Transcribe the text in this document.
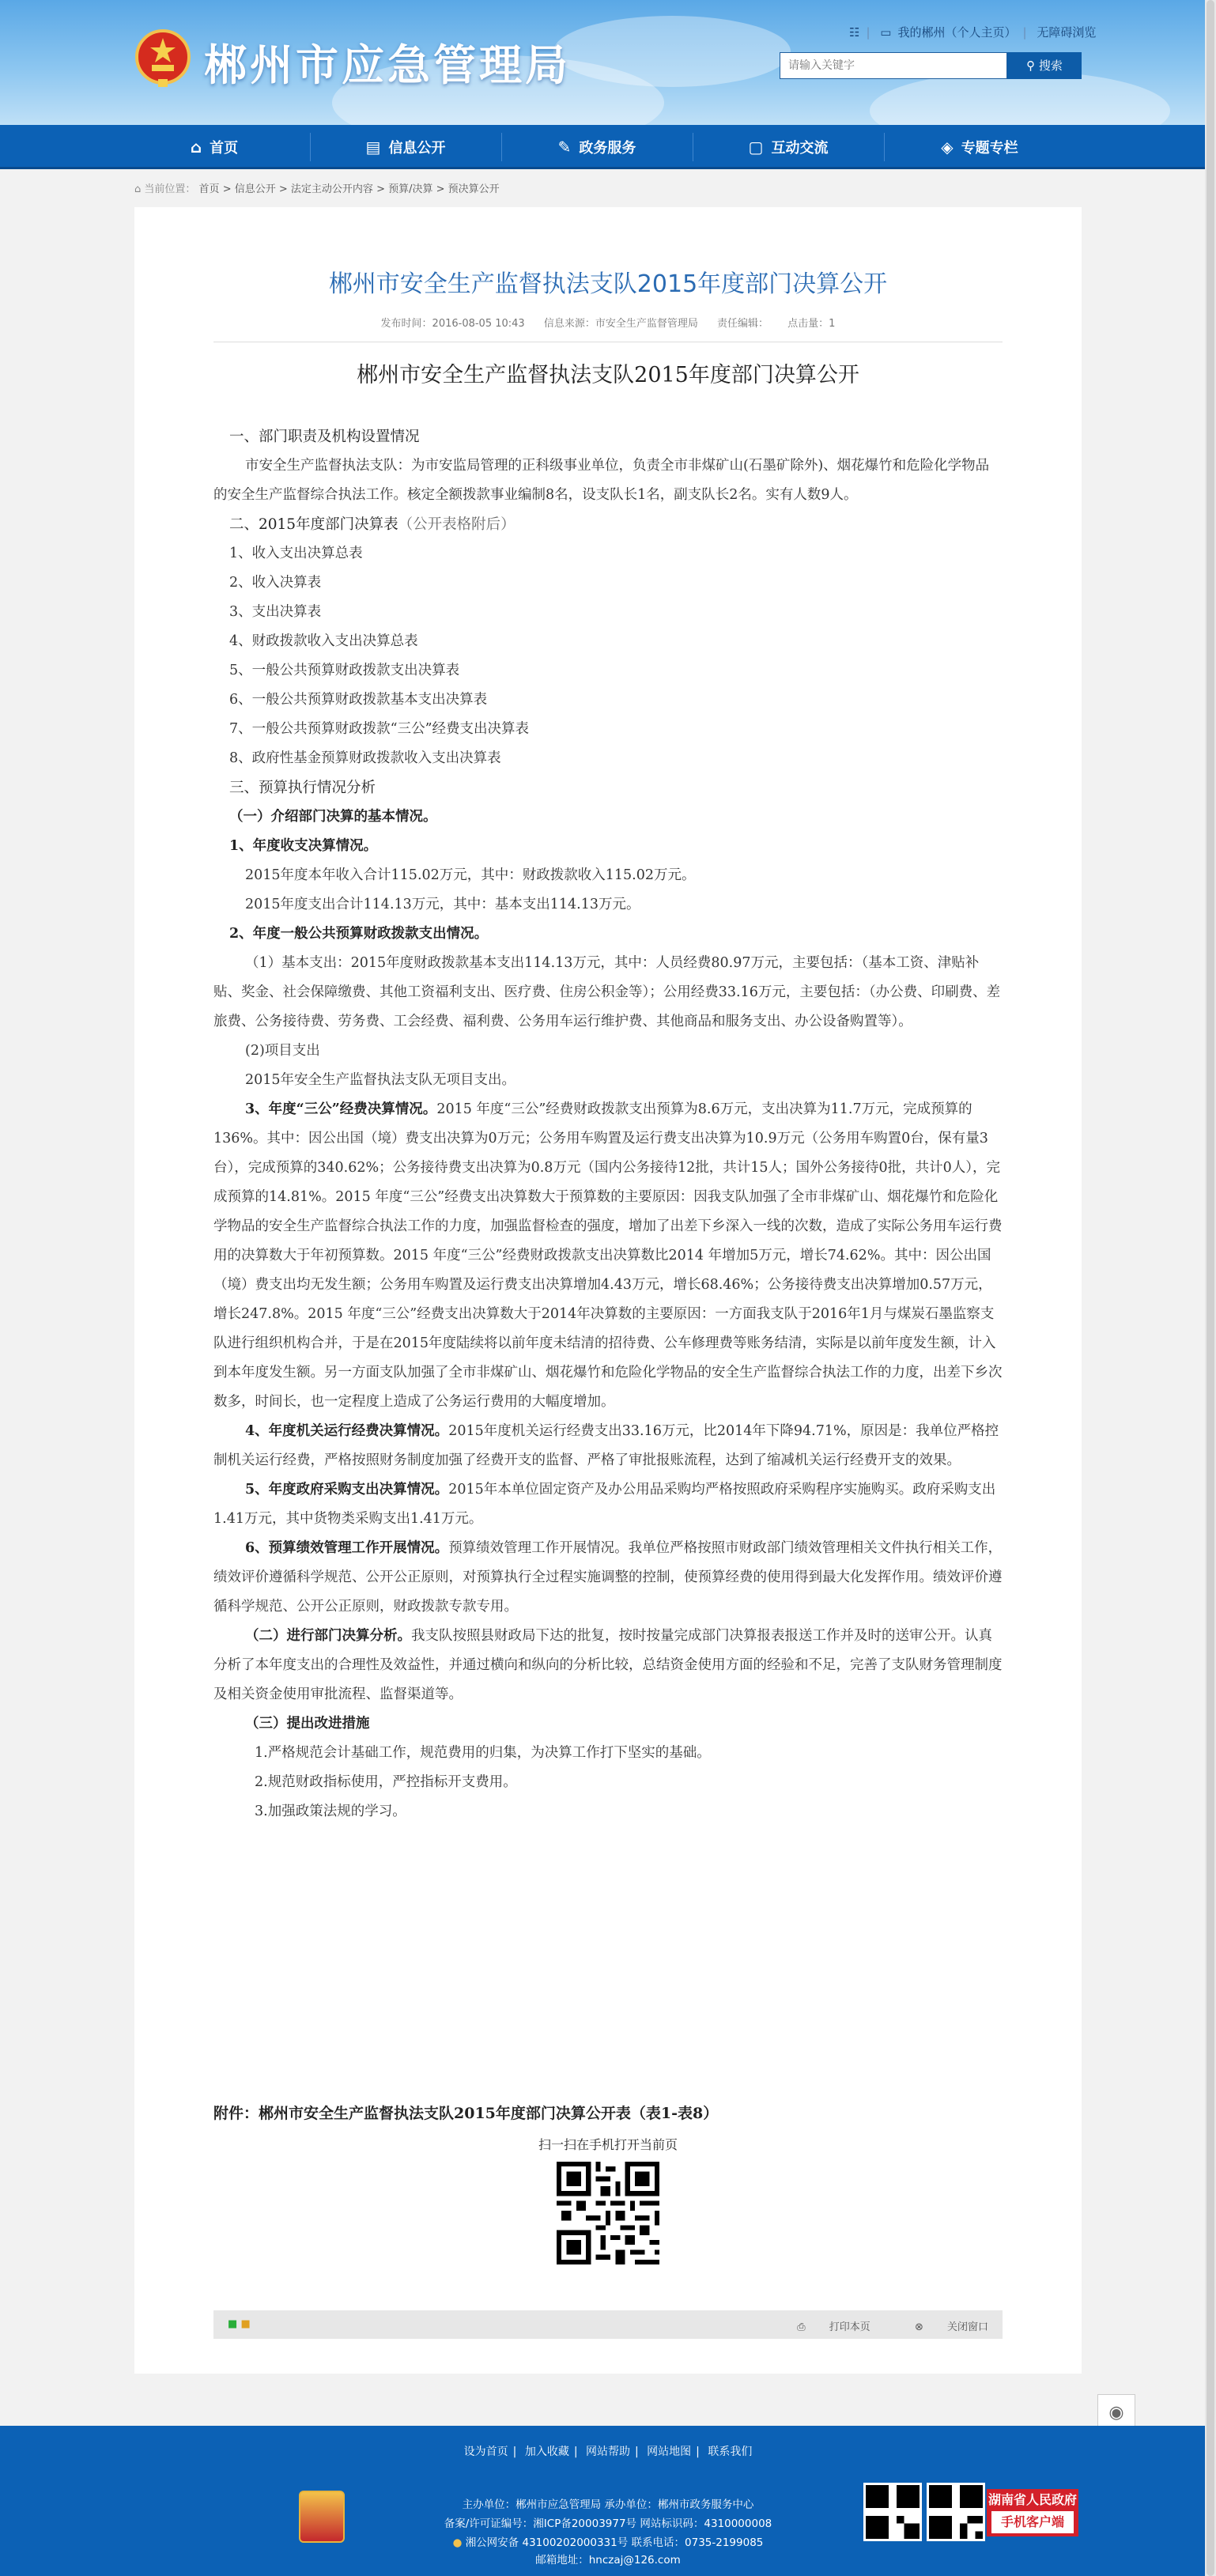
郴州市应急管理局
☷ | ▭ 我的郴州（个人主页） | 无障碍浏览
请输入关键字
⚲ 搜索
⌂ 首页	▤ 信息公开	✎ 政务服务	▢ 互动交流	◈ 专题专栏
⌂ 当前位置： 首页 > 信息公开 > 法定主动公开内容 > 预算/决算 > 预决算公开
郴州市安全生产监督执法支队2015年度部门决算公开
发布时间：2016-08-05 10:43 信息来源：市安全生产监督管理局 责任编辑： 点击量：1
郴州市安全生产监督执法支队2015年度部门决算公开

一、部门职责及机构设置情况

市安全生产监督执法支队：为市安监局管理的正科级事业单位，负责全市非煤矿山(石墨矿除外)、烟花爆竹和危险化学物品的安全生产监督综合执法工作。核定全额拨款事业编制8名，设支队长1名，副支队长2名。实有人数9人。

二、2015年度部门决算表（公开表格附后）

1、收入支出决算总表

2、收入决算表

3、支出决算表

4、财政拨款收入支出决算总表

5、一般公共预算财政拨款支出决算表

6、一般公共预算财政拨款基本支出决算表

7、一般公共预算财政拨款“三公”经费支出决算表

8、政府性基金预算财政拨款收入支出决算表

三、预算执行情况分析

（一）介绍部门决算的基本情况。

1、年度收支决算情况。

2015年度本年收入合计115.02万元，其中：财政拨款收入115.02万元。

2015年度支出合计114.13万元，其中：基本支出114.13万元。

2、年度一般公共预算财政拨款支出情况。

（1）基本支出：2015年度财政拨款基本支出114.13万元，其中：人员经费80.97万元，主要包括：（基本工资、津贴补贴、奖金、社会保障缴费、其他工资福利支出、医疗费、住房公积金等）；公用经费33.16万元，主要包括：（办公费、印刷费、差旅费、公务接待费、劳务费、工会经费、福利费、公务用车运行维护费、其他商品和服务支出、办公设备购置等）。

(2)项目支出

2015年安全生产监督执法支队无项目支出。

3、年度“三公”经费决算情况。2015 年度“三公”经费财政拨款支出预算为8.6万元，支出决算为11.7万元，完成预算的136%。其中：因公出国（境）费支出决算为0万元；公务用车购置及运行费支出决算为10.9万元（公务用车购置0台，保有量3台），完成预算的340.62%；公务接待费支出决算为0.8万元（国内公务接待12批，共计15人；国外公务接待0批，共计0人），完成预算的14.81%。2015 年度“三公”经费支出决算数大于预算数的主要原因：因我支队加强了全市非煤矿山、烟花爆竹和危险化学物品的安全生产监督综合执法工作的力度，加强监督检查的强度，增加了出差下乡深入一线的次数，造成了实际公务用车运行费用的决算数大于年初预算数。2015 年度“三公”经费财政拨款支出决算数比2014 年增加5万元，增长74.62%。其中：因公出国（境）费支出均无发生额；公务用车购置及运行费支出决算增加4.43万元，增长68.46%；公务接待费支出决算增加0.57万元，增长247.8%。2015 年度“三公”经费支出决算数大于2014年决算数的主要原因：一方面我支队于2016年1月与煤炭石墨监察支队进行组织机构合并，于是在2015年度陆续将以前年度未结清的招待费、公车修理费等账务结清，实际是以前年度发生额，计入到本年度发生额。另一方面支队加强了全市非煤矿山、烟花爆竹和危险化学物品的安全生产监督综合执法工作的力度，出差下乡次数多，时间长，也一定程度上造成了公务运行费用的大幅度增加。

4、年度机关运行经费决算情况。2015年度机关运行经费支出33.16万元，比2014年下降94.71%，原因是：我单位严格控制机关运行经费，严格按照财务制度加强了经费开支的监督、严格了审批报账流程，达到了缩减机关运行经费开支的效果。

5、年度政府采购支出决算情况。2015年本单位固定资产及办公用品采购均严格按照政府采购程序实施购买。政府采购支出1.41万元，其中货物类采购支出1.41万元。

6、预算绩效管理工作开展情况。预算绩效管理工作开展情况。我单位严格按照市财政部门绩效管理相关文件执行相关工作，绩效评价遵循科学规范、公开公正原则，对预算执行全过程实施调整的控制，使预算经费的使用得到最大化发挥作用。绩效评价遵循科学规范、公开公正原则，财政拨款专款专用。

（二）进行部门决算分析。我支队按照县财政局下达的批复，按时按量完成部门决算报表报送工作并及时的送审公开。认真分析了本年度支出的合理性及效益性，并通过横向和纵向的分析比较，总结资金使用方面的经验和不足，完善了支队财务管理制度及相关资金使用审批流程、监督渠道等。

（三）提出改进措施

1.严格规范会计基础工作，规范费用的归集，为决算工作打下坚实的基础。

2.规范财政指标使用，严控指标开支费用。

3.加强政策法规的学习。

附件：郴州市安全生产监督执法支队2015年度部门决算公开表（表1-表8）
扫一扫在手机打开当前页
■ ■	⎙ 打印本页	⊗ 关闭窗口
◉
设为首页 | 加入收藏 | 网站帮助 | 网站地图 | 联系我们
主办单位：郴州市应急管理局 承办单位：郴州市政务服务中心
备案/许可证编号：湘ICP备20003977号 网站标识码：4310000008
● 湘公网安备 43100202000331号 联系电话：0735-2199085
邮箱地址：hnczaj@126.com
湖南省人民政府
手机客户端
